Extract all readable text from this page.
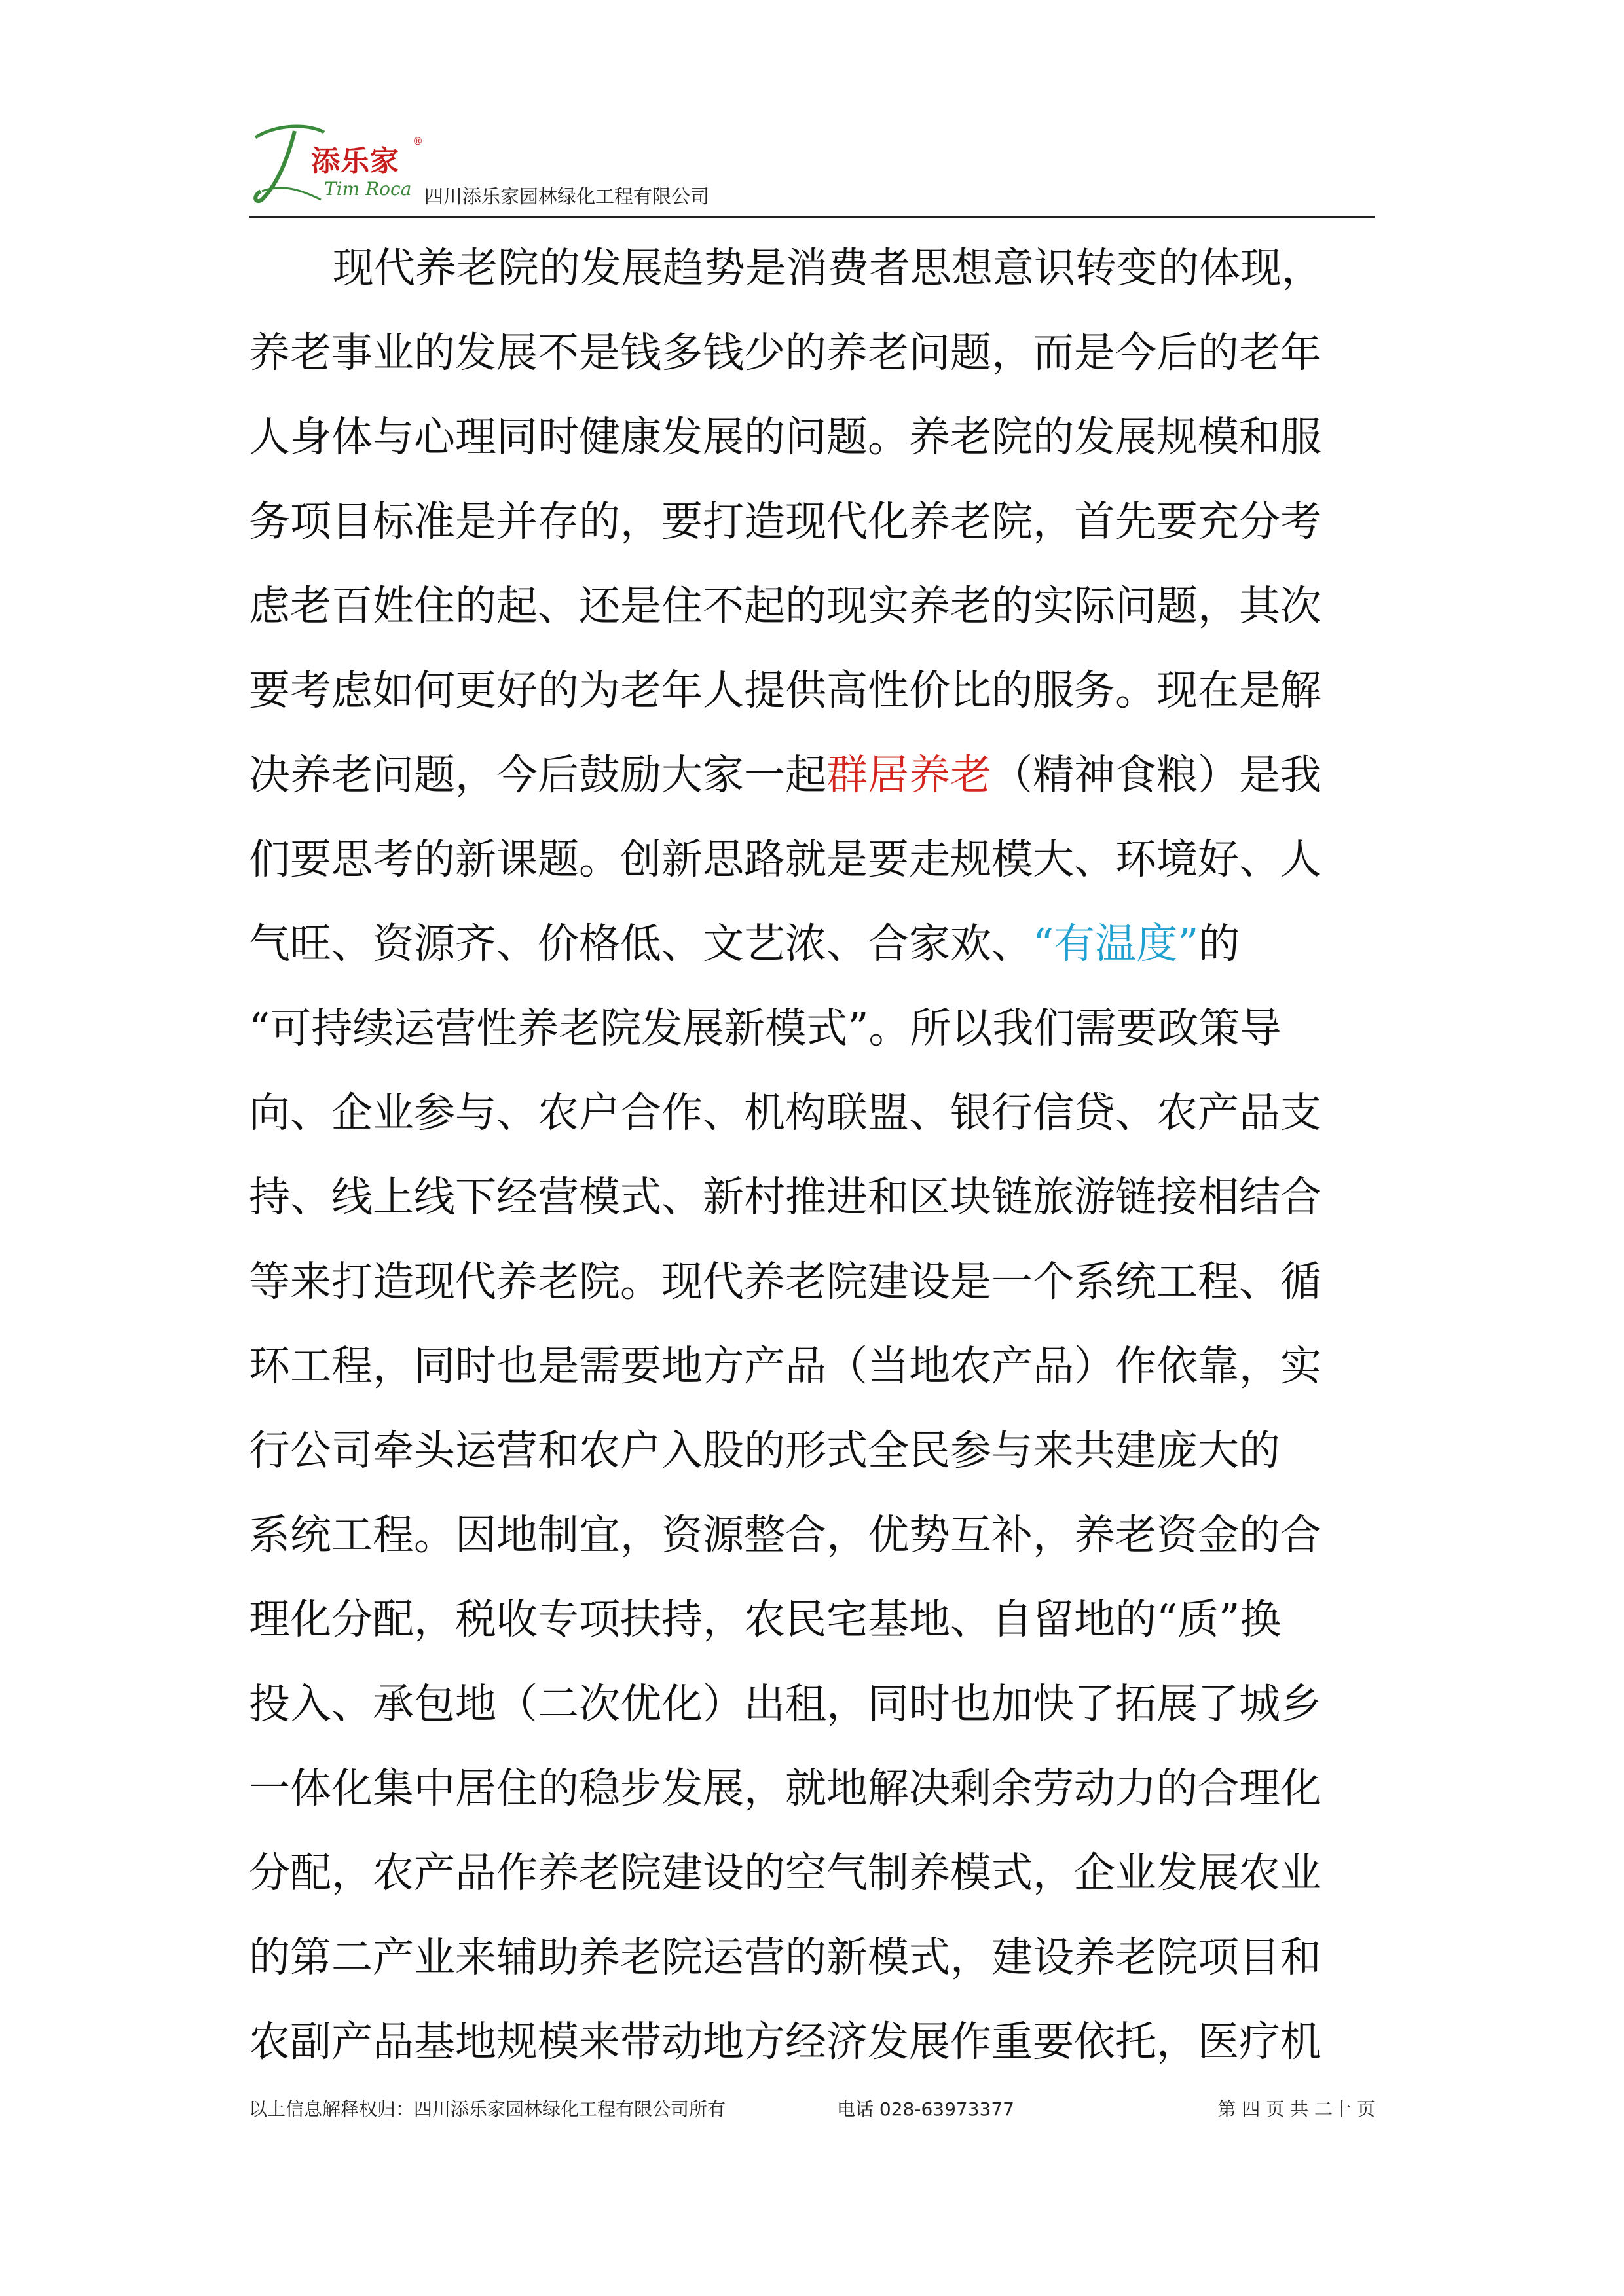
添乐家
®
Tim Roca 四川添乐家园林绿化工程有限公司

现代养老院的发展趋势是消费者思想意识转变的体现，

养老事业的发展不是钱多钱少的养老问题，而是今后的老年

人身体与心理同时健康发展的问题。养老院的发展规模和服

务项目标准是并存的，要打造现代化养老院，首先要充分考

虑老百姓住的起、还是住不起的现实养老的实际问题，其次

要考虑如何更好的为老年人提供高性价比的服务。现在是解

决养老问题，今后鼓励大家一起群居养老（精神食粮）是我

们要思考的新课题。创新思路就是要走规模大、环境好、人

气旺、资源齐、价格低、文艺浓、合家欢、“有温度”的

“可持续运营性养老院发展新模式”。所以我们需要政策导

向、企业参与、农户合作、机构联盟、银行信贷、农产品支

持、线上线下经营模式、新村推进和区块链旅游链接相结合

等来打造现代养老院。现代养老院建设是一个系统工程、循

环工程，同时也是需要地方产品（当地农产品）作依靠，实

行公司牵头运营和农户入股的形式全民参与来共建庞大的

系统工程。因地制宜，资源整合，优势互补，养老资金的合

理化分配，税收专项扶持，农民宅基地、自留地的“质”换

投入、承包地（二次优化）出租，同时也加快了拓展了城乡

一体化集中居住的稳步发展，就地解决剩余劳动力的合理化

分配，农产品作养老院建设的空气制养模式，企业发展农业

的第二产业来辅助养老院运营的新模式，建设养老院项目和

农副产品基地规模来带动地方经济发展作重要依托，医疗机

以上信息解释权归：四川添乐家园林绿化工程有限公司所有	电话 028-63973377	第 四 页 共 二十 页
